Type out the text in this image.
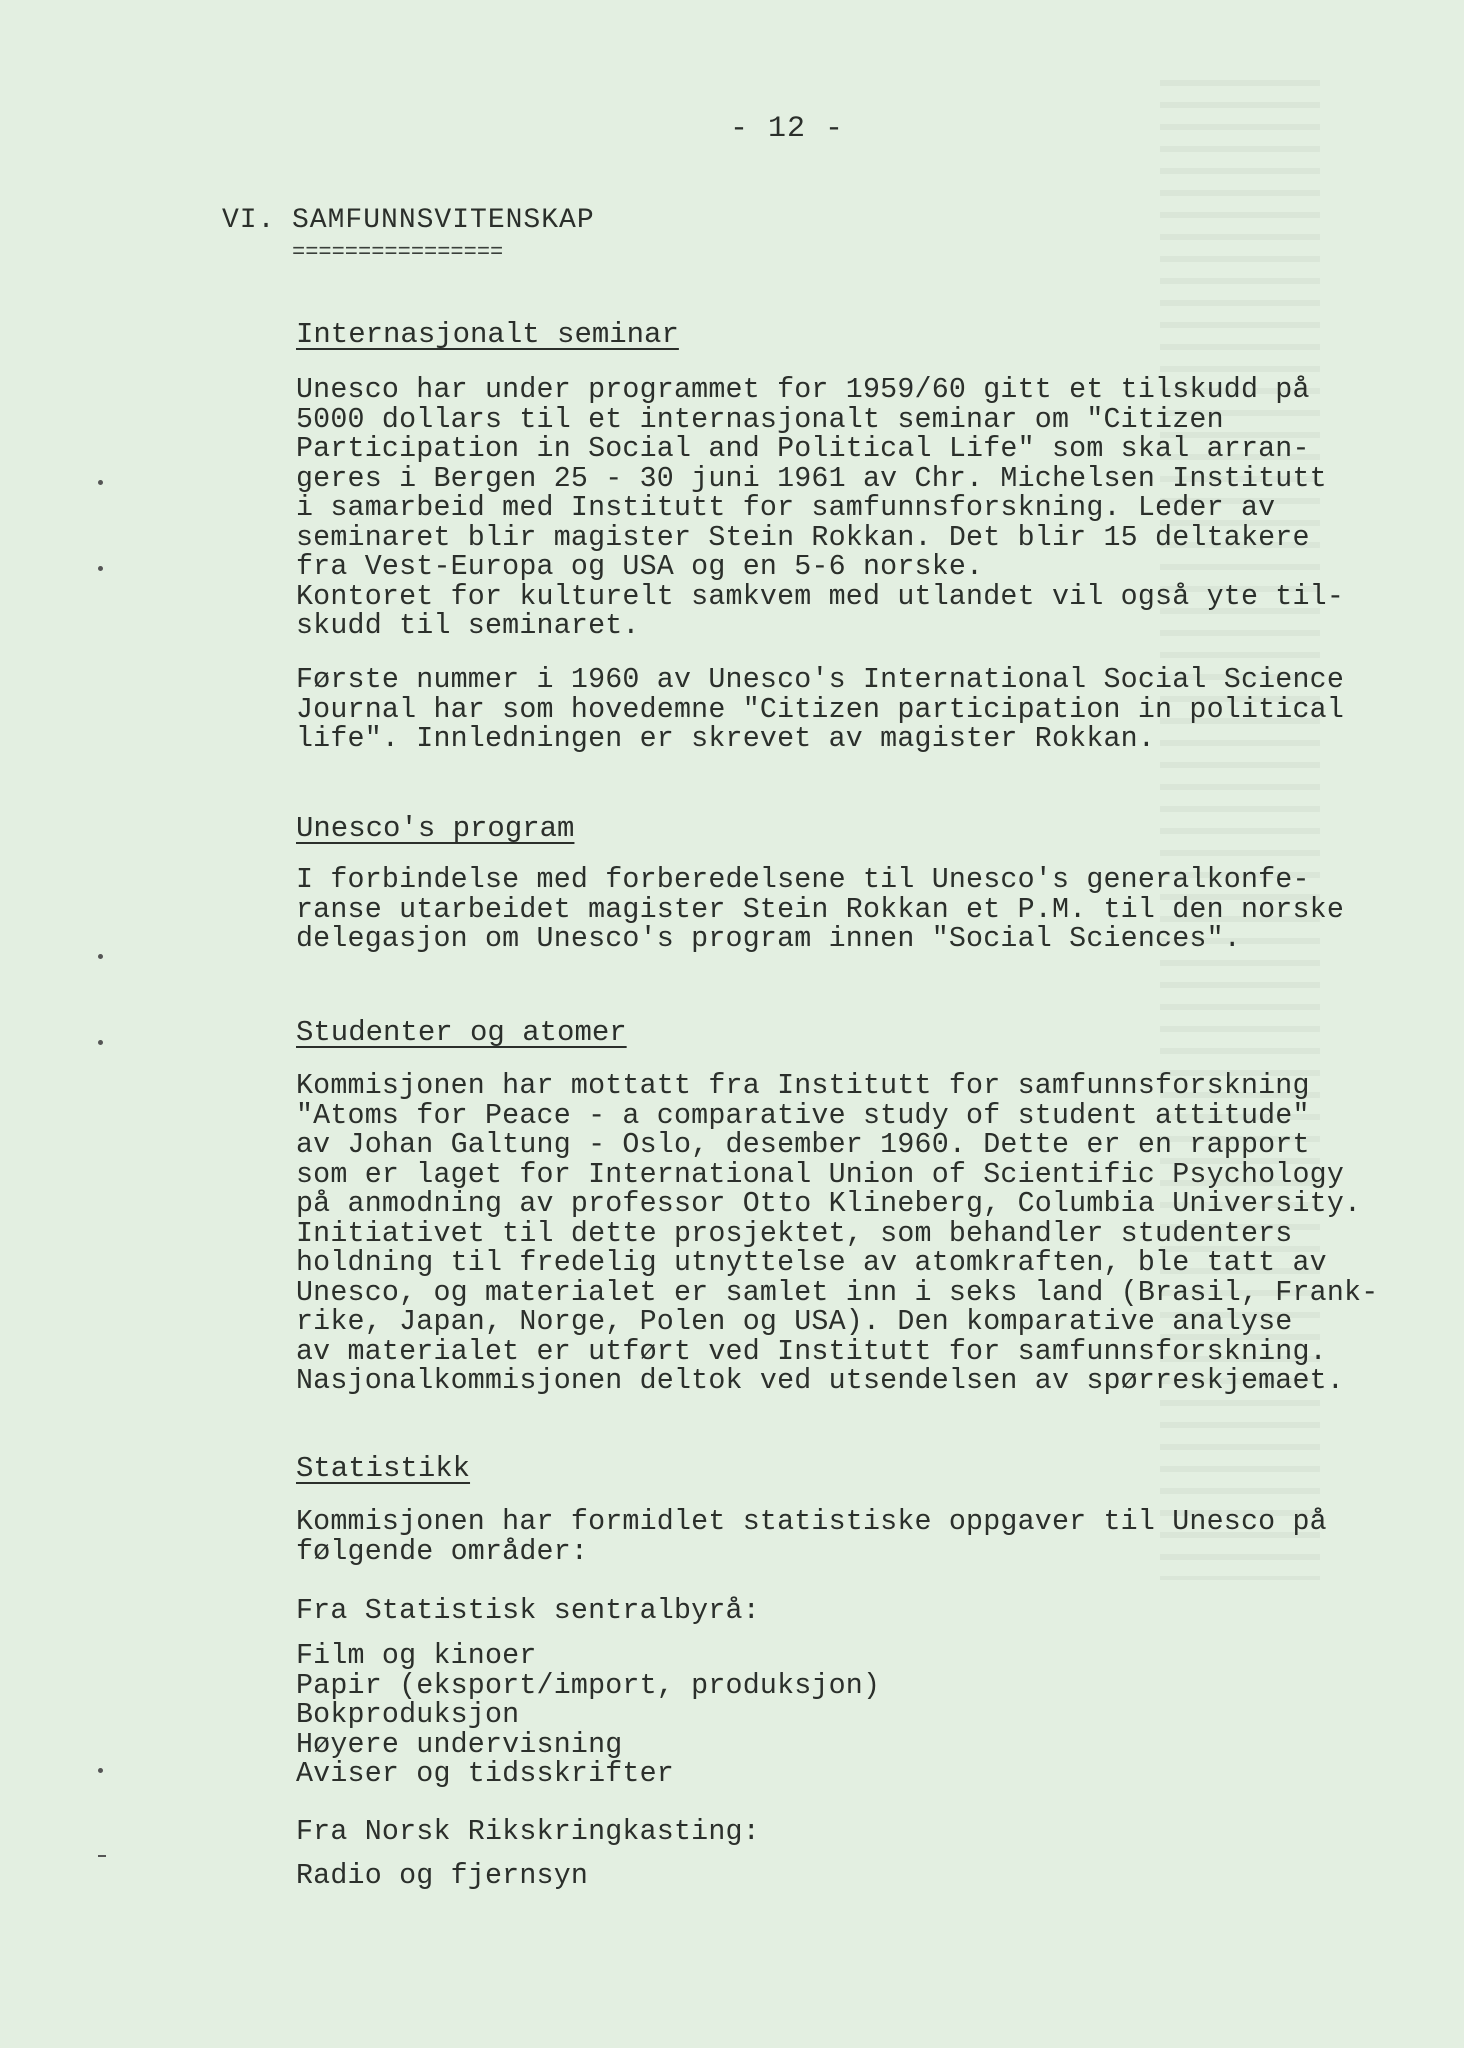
- 12 -
VI. SAMFUNNSVITENSKAP
================
Internasjonalt seminar

Unesco har under programmet for 1959/60 gitt et tilskudd på
5000 dollars til et internasjonalt seminar om "Citizen
Participation in Social and Political Life" som skal arran-
geres i Bergen 25 - 30 juni 1961 av Chr. Michelsen Institutt
i samarbeid med Institutt for samfunnsforskning. Leder av
seminaret blir magister Stein Rokkan. Det blir 15 deltakere
fra Vest-Europa og USA og en 5-6 norske.
Kontoret for kulturelt samkvem med utlandet vil også yte til-
skudd til seminaret.

Første nummer i 1960 av Unesco's International Social Science
Journal har som hovedemne "Citizen participation in political
life". Innledningen er skrevet av magister Rokkan.

Unesco's program

I forbindelse med forberedelsene til Unesco's generalkonfe-
ranse utarbeidet magister Stein Rokkan et P.M. til den norske
delegasjon om Unesco's program innen "Social Sciences".

Studenter og atomer

Kommisjonen har mottatt fra Institutt for samfunnsforskning
"Atoms for Peace - a comparative study of student attitude"
av Johan Galtung - Oslo, desember 1960. Dette er en rapport
som er laget for International Union of Scientific Psychology
på anmodning av professor Otto Klineberg, Columbia University.
Initiativet til dette prosjektet, som behandler studenters
holdning til fredelig utnyttelse av atomkraften, ble tatt av
Unesco, og materialet er samlet inn i seks land (Brasil, Frank-
rike, Japan, Norge, Polen og USA). Den komparative analyse
av materialet er utført ved Institutt for samfunnsforskning.
Nasjonalkommisjonen deltok ved utsendelsen av spørreskjemaet.

Statistikk

Kommisjonen har formidlet statistiske oppgaver til Unesco på
følgende områder:

Fra Statistisk sentralbyrå:

Film og kinoer
Papir (eksport/import, produksjon)
Bokproduksjon
Høyere undervisning
Aviser og tidsskrifter

Fra Norsk Rikskringkasting:

Radio og fjernsyn
